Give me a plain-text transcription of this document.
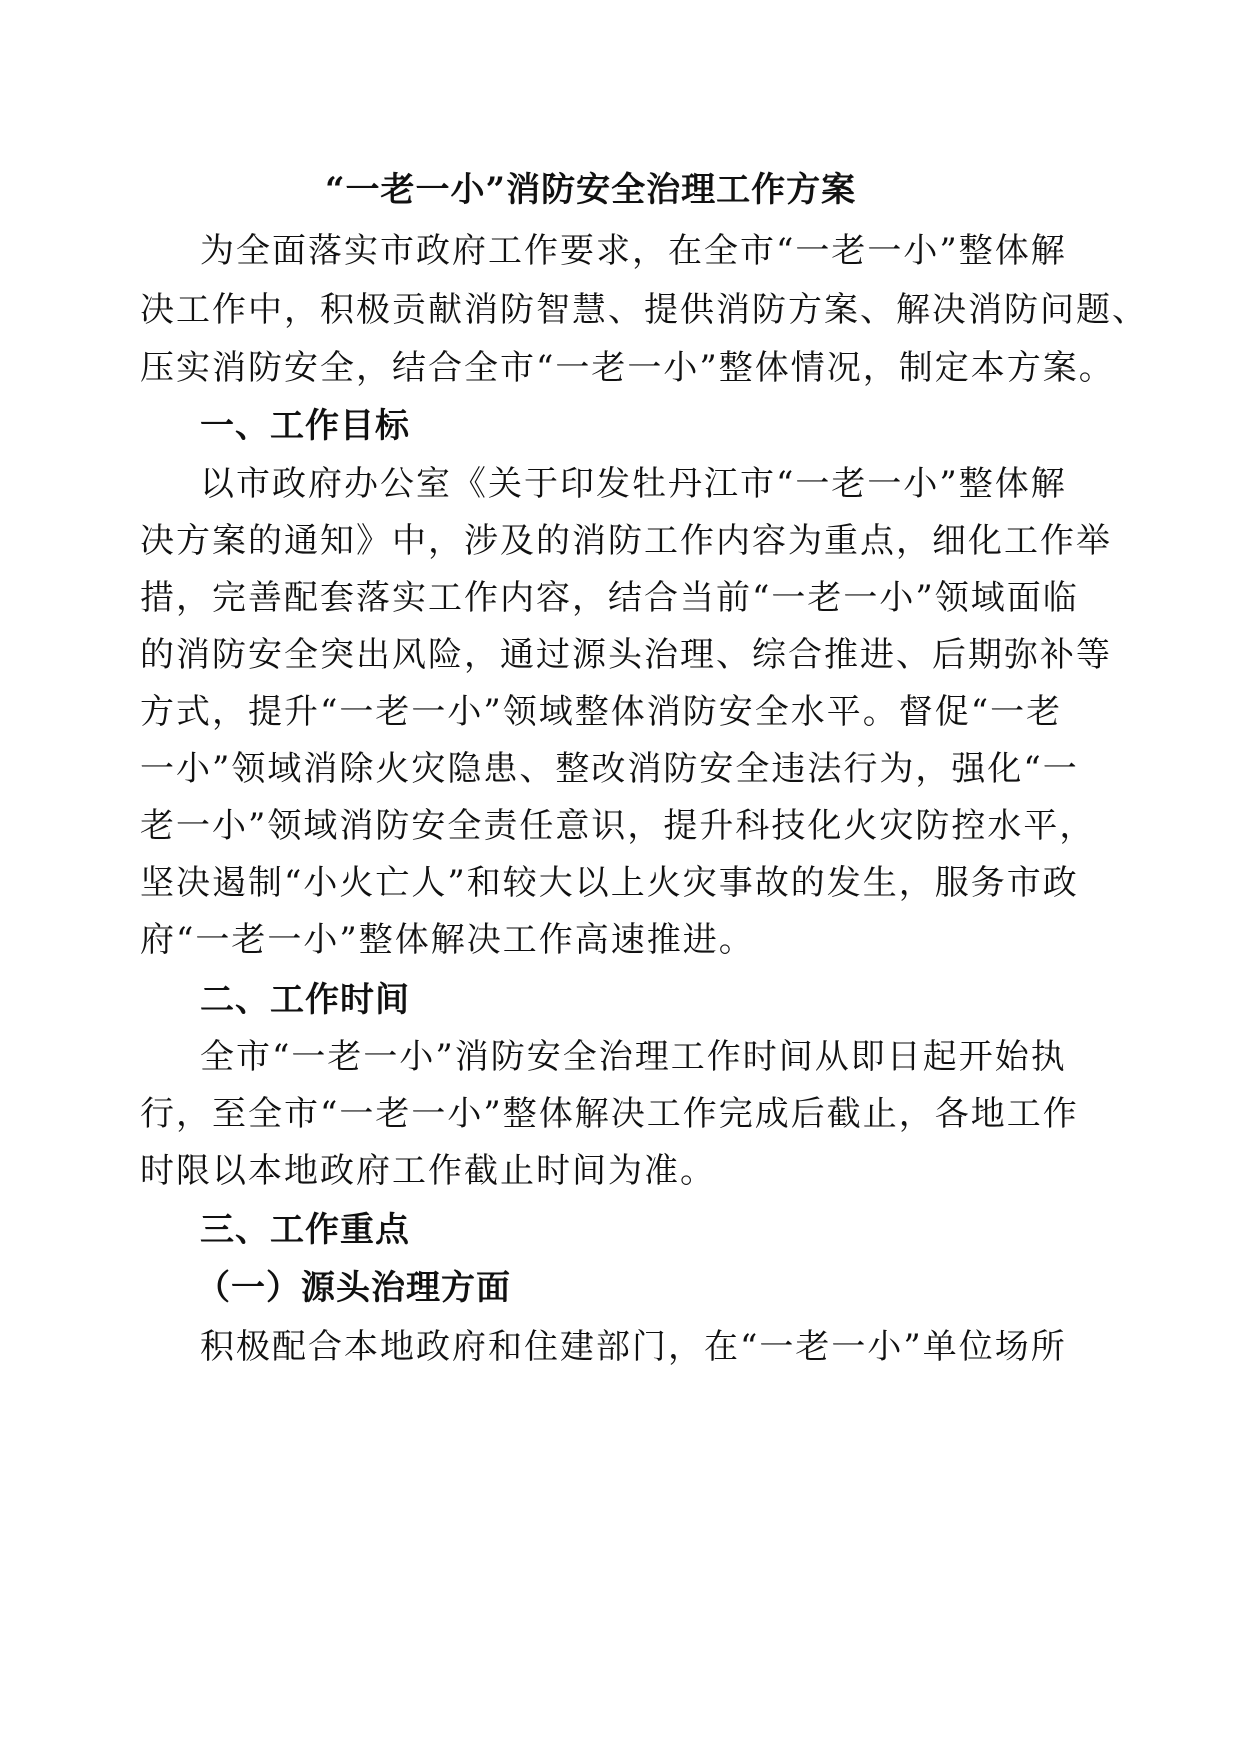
“一老一小”消防安全治理工作方案
为全面落实市政府工作要求，在全市“一老一小”整体解
决工作中，积极贡献消防智慧、提供消防方案、解决消防问题、
压实消防安全，结合全市“一老一小”整体情况，制定本方案。
一、工作目标
以市政府办公室《关于印发牡丹江市“一老一小”整体解
决方案的通知》中，涉及的消防工作内容为重点，细化工作举
措，完善配套落实工作内容，结合当前“一老一小”领域面临
的消防安全突出风险，通过源头治理、综合推进、后期弥补等
方式，提升“一老一小”领域整体消防安全水平。督促“一老
一小”领域消除火灾隐患、整改消防安全违法行为，强化“一
老一小”领域消防安全责任意识，提升科技化火灾防控水平，
坚决遏制“小火亡人”和较大以上火灾事故的发生，服务市政
府“一老一小”整体解决工作高速推进。
二、工作时间
全市“一老一小”消防安全治理工作时间从即日起开始执
行，至全市“一老一小”整体解决工作完成后截止，各地工作
时限以本地政府工作截止时间为准。
三、工作重点
（一）源头治理方面
积极配合本地政府和住建部门，在“一老一小”单位场所
